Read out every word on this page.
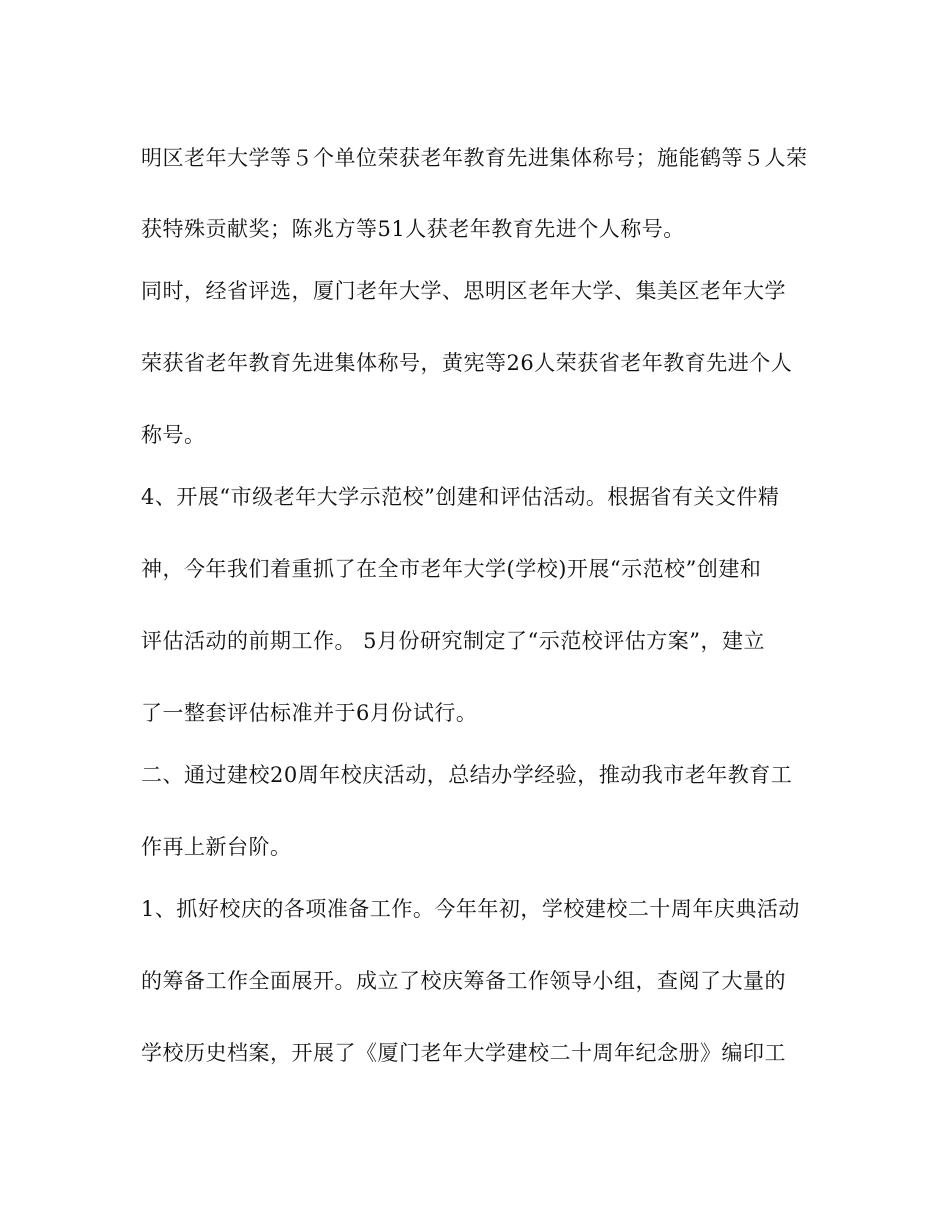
明区老年大学等５个单位荣获老年教育先进集体称号；施能鹤等５人荣
获特殊贡献奖；陈兆方等51人获老年教育先进个人称号。
同时，经省评选，厦门老年大学、思明区老年大学、集美区老年大学
荣获省老年教育先进集体称号，黄宪等26人荣获省老年教育先进个人
称号。
4、开展“市级老年大学示范校”创建和评估活动。根据省有关文件精
神，今年我们着重抓了在全市老年大学(学校)开展“示范校”创建和
评估活动的前期工作。 5月份研究制定了“示范校评估方案”，建立
了一整套评估标准并于6月份试行。
二、通过建校20周年校庆活动，总结办学经验，推动我市老年教育工
作再上新台阶。
1、抓好校庆的各项准备工作。今年年初，学校建校二十周年庆典活动
的筹备工作全面展开。成立了校庆筹备工作领导小组，查阅了大量的
学校历史档案，开展了《厦门老年大学建校二十周年纪念册》编印工
